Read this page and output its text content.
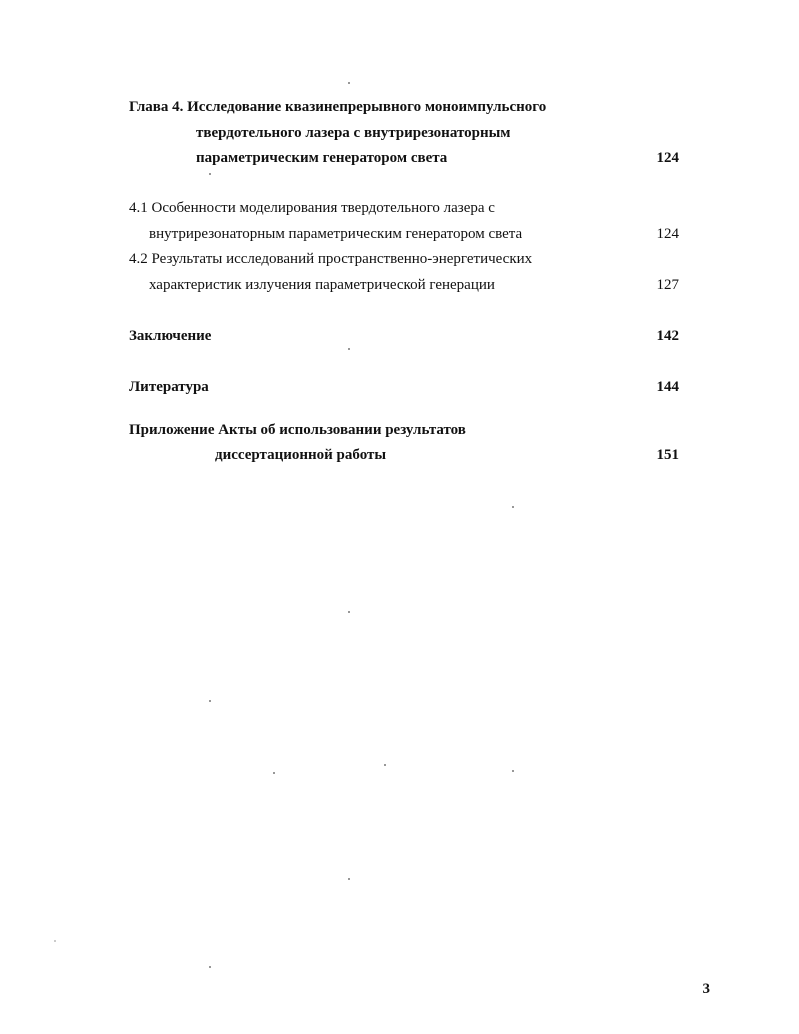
Глава 4. Исследование квазинепрерывного моноимпульсного
твердотельного лазера с внутрирезонаторным
параметрическим генератором света	124
4.1 Особенности моделирования твердотельного лазера с
внутрирезонаторным параметрическим генератором света	124
4.2 Результаты исследований пространственно-энергетических
характеристик излучения параметрической генерации	127
Заключение	142
Литература	144
Приложение Акты об использовании результатов
диссертационной работы	151
3
